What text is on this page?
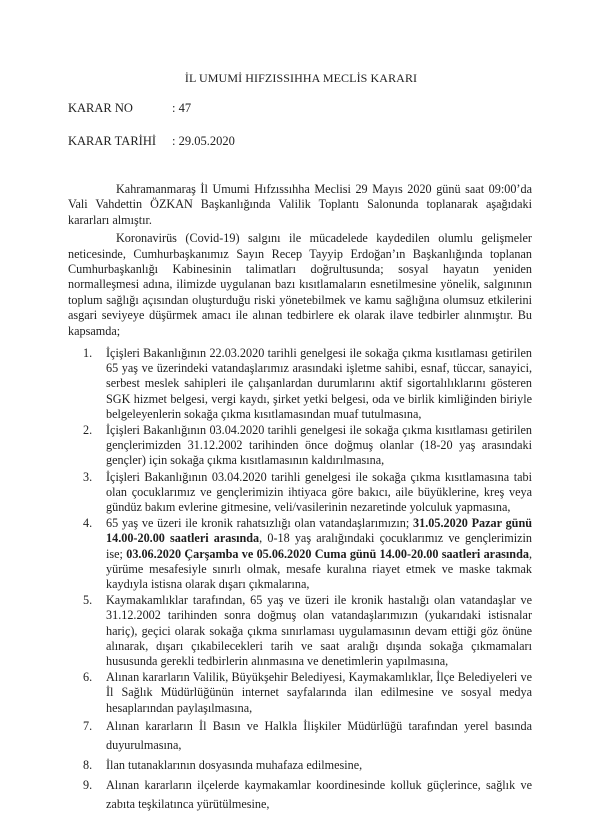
İL UMUMİ HIFZISSIHHA MECLİS KARARI
KARAR NO	: 47
KARAR TARİHİ : 29.05.2020

Kahramanmaraş İl Umumi Hıfzıssıhha Meclisi 29 Mayıs 2020 günü saat 09:00’da Vali Vahdettin ÖZKAN Başkanlığında Valilik Toplantı Salonunda toplanarak aşağıdaki kararları almıştır.

Koronavirüs (Covid-19) salgını ile mücadelede kaydedilen olumlu gelişmeler neticesinde, Cumhurbaşkanımız Sayın Recep Tayyip Erdoğan’ın Başkanlığında toplanan Cumhurbaşkanlığı Kabinesinin talimatları doğrultusunda; sosyal hayatın yeniden normalleşmesi adına, ilimizde uygulanan bazı kısıtlamaların esnetilmesine yönelik, salgınının toplum sağlığı açısından oluşturduğu riski yönetebilmek ve kamu sağlığına olumsuz etkilerini asgari seviyeye düşürmek amacı ile alınan tedbirlere ek olarak ilave tedbirler alınmıştır. Bu kapsamda;

1. İçişleri Bakanlığının 22.03.2020 tarihli genelgesi ile sokağa çıkma kısıtlaması getirilen 65 yaş ve üzerindeki vatandaşlarımız arasındaki işletme sahibi, esnaf, tüccar, sanayici, serbest meslek sahipleri ile çalışanlardan durumlarını aktif sigortalılıklarını gösteren SGK hizmet belgesi, vergi kaydı, şirket yetki belgesi, oda ve birlik kimliğinden biriyle belgeleyenlerin sokağa çıkma kısıtlamasından muaf tutulmasına,
2. İçişleri Bakanlığının 03.04.2020 tarihli genelgesi ile sokağa çıkma kısıtlaması getirilen gençlerimizden 31.12.2002 tarihinden önce doğmuş olanlar (18-20 yaş arasındaki gençler) için sokağa çıkma kısıtlamasının kaldırılmasına,
3. İçişleri Bakanlığının 03.04.2020 tarihli genelgesi ile sokağa çıkma kısıtlamasına tabi olan çocuklarımız ve gençlerimizin ihtiyaca göre bakıcı, aile büyüklerine, kreş veya gündüz bakım evlerine gitmesine, veli/vasilerinin nezaretinde yolculuk yapmasına,
4. 65 yaş ve üzeri ile kronik rahatsızlığı olan vatandaşlarımızın; 31.05.2020 Pazar günü 14.00-20.00 saatleri arasında, 0-18 yaş aralığındaki çocuklarımız ve gençlerimizin ise; 03.06.2020 Çarşamba ve 05.06.2020 Cuma günü 14.00-20.00 saatleri arasında, yürüme mesafesiyle sınırlı olmak, mesafe kuralına riayet etmek ve maske takmak kaydıyla istisna olarak dışarı çıkmalarına,
5. Kaymakamlıklar tarafından, 65 yaş ve üzeri ile kronik hastalığı olan vatandaşlar ve 31.12.2002 tarihinden sonra doğmuş olan vatandaşlarımızın (yukarıdaki istisnalar hariç), geçici olarak sokağa çıkma sınırlaması uygulamasının devam ettiği göz önüne alınarak, dışarı çıkabilecekleri tarih ve saat aralığı dışında sokağa çıkmamaları hususunda gerekli tedbirlerin alınmasına ve denetimlerin yapılmasına,
6. Alınan kararların Valilik, Büyükşehir Belediyesi, Kaymakamlıklar, İlçe Belediyeleri ve İl Sağlık Müdürlüğünün internet sayfalarında ilan edilmesine ve sosyal medya hesaplarından paylaşılmasına,
7. Alınan kararların İl Basın ve Halkla İlişkiler Müdürlüğü tarafından yerel basında duyurulmasına,
8. İlan tutanaklarının dosyasında muhafaza edilmesine,
9. Alınan kararların ilçelerde kaymakamlar koordinesinde kolluk güçlerince, sağlık ve zabıta teşkilatınca yürütülmesine,
